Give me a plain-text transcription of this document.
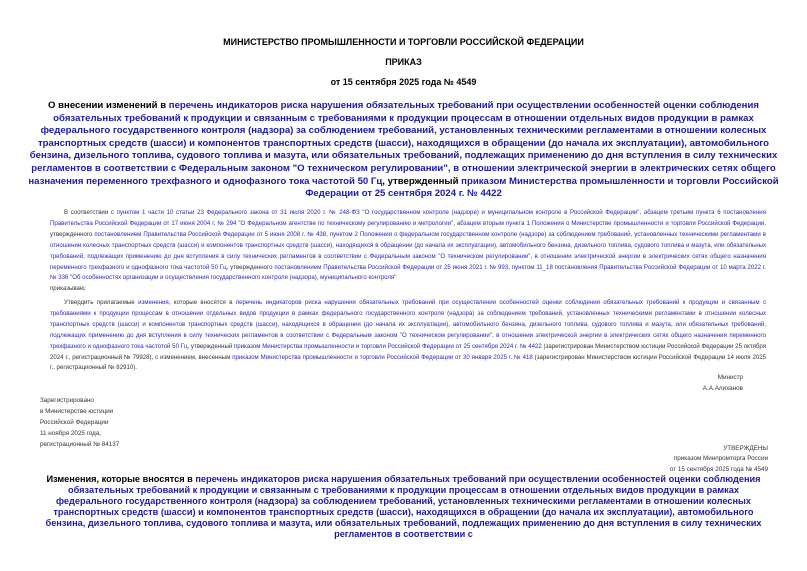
МИНИСТЕРСТВО ПРОМЫШЛЕННОСТИ И ТОРГОВЛИ РОССИЙСКОЙ ФЕДЕРАЦИИ
ПРИКАЗ
от 15 сентября 2025 года № 4549
О внесении изменений в перечень индикаторов риска нарушения обязательных требований при осуществлении особенностей оценки соблюдения обязательных требований к продукции и связанным с требованиями к продукции процессам в отношении отдельных видов продукции в рамках федерального государственного контроля (надзора) за соблюдением требований, установленных техническими регламентами в отношении колесных транспортных средств (шасси) и компонентов транспортных средств (шасси), находящихся в обращении (до начала их эксплуатации), автомобильного бензина, дизельного топлива, судового топлива и мазута, или обязательных требований, подлежащих применению до дня вступления в силу технических регламентов в соответствии с Федеральным законом "О техническом регулировании", в отношении электрической энергии в электрических сетях общего назначения переменного трехфазного и однофазного тока частотой 50 Гц, утвержденный приказом Министерства промышленности и торговли Российской Федерации от 25 сентября 2024 г. № 4422

В соответствии с пунктом 1 части 10 статьи 23 Федерального закона от 31 июля 2020 г. № 248-ФЗ "О государственном контроле (надзоре) и муниципальном контроле в Российской Федерации", абзацем третьим пункта 6 постановления Правительства Российской Федерации от 17 июня 2004 г. № 294 "О Федеральном агентстве по техническому регулированию и метрологии", абзацем вторым пункта 1 Положения о Министерстве промышленности и торговли Российской Федерации, утвержденного постановлением Правительства Российской Федерации от 5 июня 2008 г. № 438, пунктом 2 Положения о федеральном государственном контроле (надзоре) за соблюдением требований, установленных техническими регламентами в отношении колесных транспортных средств (шасси) и компонентов транспортных средств (шасси), находящихся в обращении (до начала их эксплуатации), автомобильного бензина, дизельного топлива, судового топлива и мазута, или обязательных требований, подлежащих применению до дня вступления в силу технических регламентов в соответствии с Федеральным законом "О техническом регулировании", в отношении электрической энергии в электрических сетях общего назначения переменного трехфазного и однофазного тока частотой 50 Гц, утвержденного постановлением Правительства Российской Федерации от 25 июня 2021 г. № 993, пунктом 11_18 постановления Правительства Российской Федерации от 10 марта 2022 г. № 336 "Об особенностях организации и осуществления государственного контроля (надзора), муниципального контроля"

приказываю:

Утвердить прилагаемые изменения, которые вносятся в перечень индикаторов риска нарушения обязательных требований при осуществлении особенностей оценки соблюдения обязательных требований к продукции и связанным с требованиями к продукции процессам в отношении отдельных видов продукции в рамках федерального государственного контроля (надзора) за соблюдением требований, установленных техническими регламентами в отношении колесных транспортных средств (шасси) и компонентов транспортных средств (шасси), находящихся в обращении (до начала их эксплуатации), автомобильного бензина, дизельного топлива, судового топлива и мазута, или обязательных требований, подлежащих применению до дня вступления в силу технических регламентов в соответствии с Федеральным законом "О техническом регулировании", в отношении электрической энергии в электрических сетях общего назначения переменного трехфазного и однофазного тока частотой 50 Гц, утвержденный приказом Министерства промышленности и торговли Российской Федерации от 25 сентября 2024 г. № 4422 (зарегистрирован Министерством юстиции Российской Федерации 25 октября 2024 г., регистрационный № 79928), с изменением, внесенным приказом Министерства промышленности и торговли Российской Федерации от 30 января 2025 г. № 418 (зарегистрирован Министерством юстиции Российской Федерации 14 июля 2025 г., регистрационный № 82910).

Министр
А.А.Алиханов
Зарегистрировано
в Министерстве юстиции
Российской Федерации
11 ноября 2025 года,
регистрационный № 84137
УТВЕРЖДЕНЫ
приказом Минпромторга России
от 15 сентября 2025 года № 4549
Изменения, которые вносятся в перечень индикаторов риска нарушения обязательных требований при осуществлении особенностей оценки соблюдения обязательных требований к продукции и связанным с требованиями к продукции процессам в отношении отдельных видов продукции в рамках федерального государственного контроля (надзора) за соблюдением требований, установленных техническими регламентами в отношении колесных транспортных средств (шасси) и компонентов транспортных средств (шасси), находящихся в обращении (до начала их эксплуатации), автомобильного бензина, дизельного топлива, судового топлива и мазута, или обязательных требований, подлежащих применению до дня вступления в силу технических регламентов в соответствии с
